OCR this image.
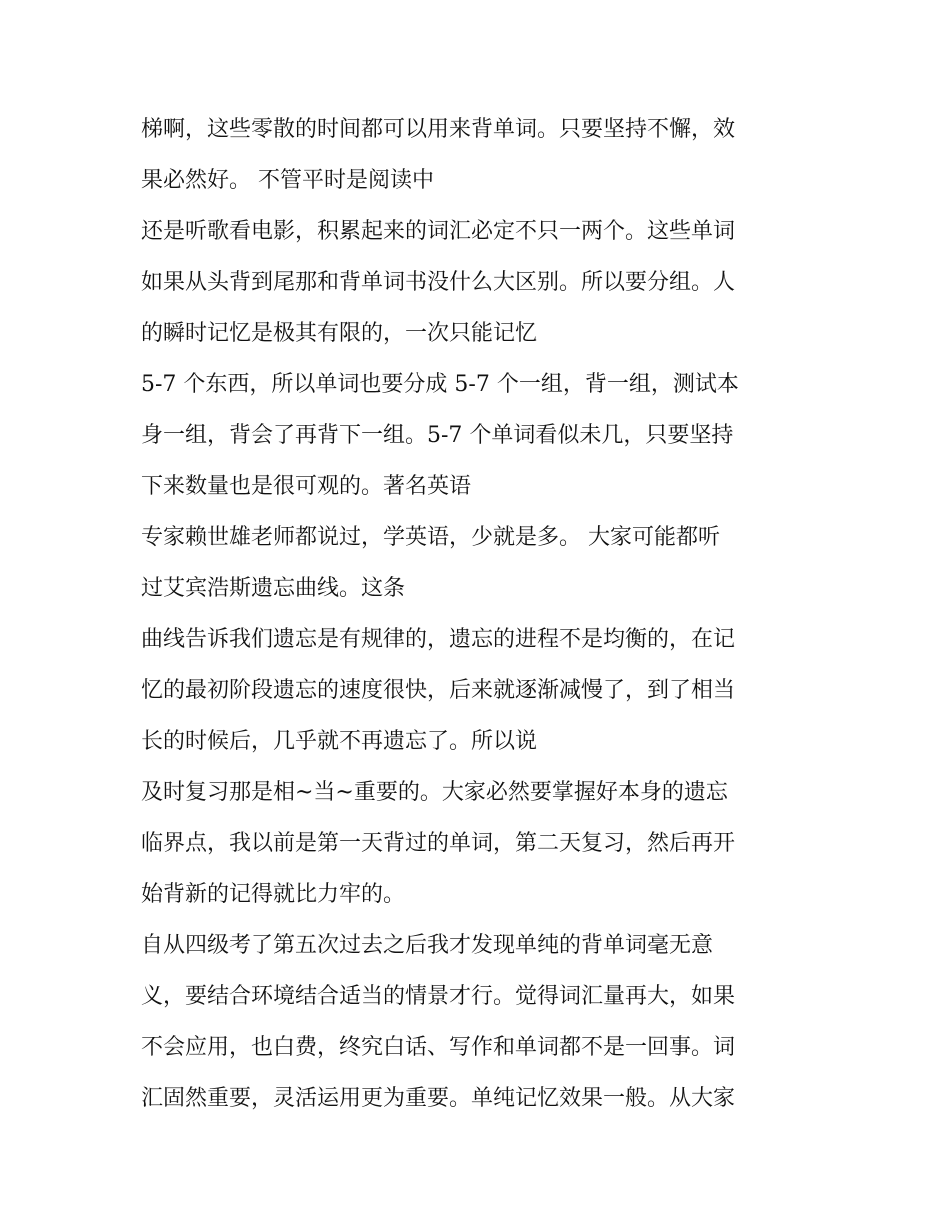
梯啊，这些零散的时间都可以用来背单词。只要坚持不懈，效
果必然好。 不管平时是阅读中
还是听歌看电影，积累起来的词汇必定不只一两个。这些单词
如果从头背到尾那和背单词书没什么大区别。所以要分组。人
的瞬时记忆是极其有限的，一次只能记忆
5-7 个东西，所以单词也要分成 5-7 个一组，背一组，测试本
身一组，背会了再背下一组。5-7 个单词看似未几，只要坚持
下来数量也是很可观的。著名英语
专家赖世雄老师都说过，学英语，少就是多。 大家可能都听
过艾宾浩斯遗忘曲线。这条
曲线告诉我们遗忘是有规律的，遗忘的进程不是均衡的，在记
忆的最初阶段遗忘的速度很快，后来就逐渐减慢了，到了相当
长的时候后，几乎就不再遗忘了。所以说
及时复习那是相~当~重要的。大家必然要掌握好本身的遗忘
临界点，我以前是第一天背过的单词，第二天复习，然后再开
始背新的记得就比力牢的。
自从四级考了第五次过去之后我才发现单纯的背单词毫无意
义，要结合环境结合适当的情景才行。觉得词汇量再大，如果
不会应用，也白费，终究白话、写作和单词都不是一回事。词
汇固然重要，灵活运用更为重要。单纯记忆效果一般。从大家
